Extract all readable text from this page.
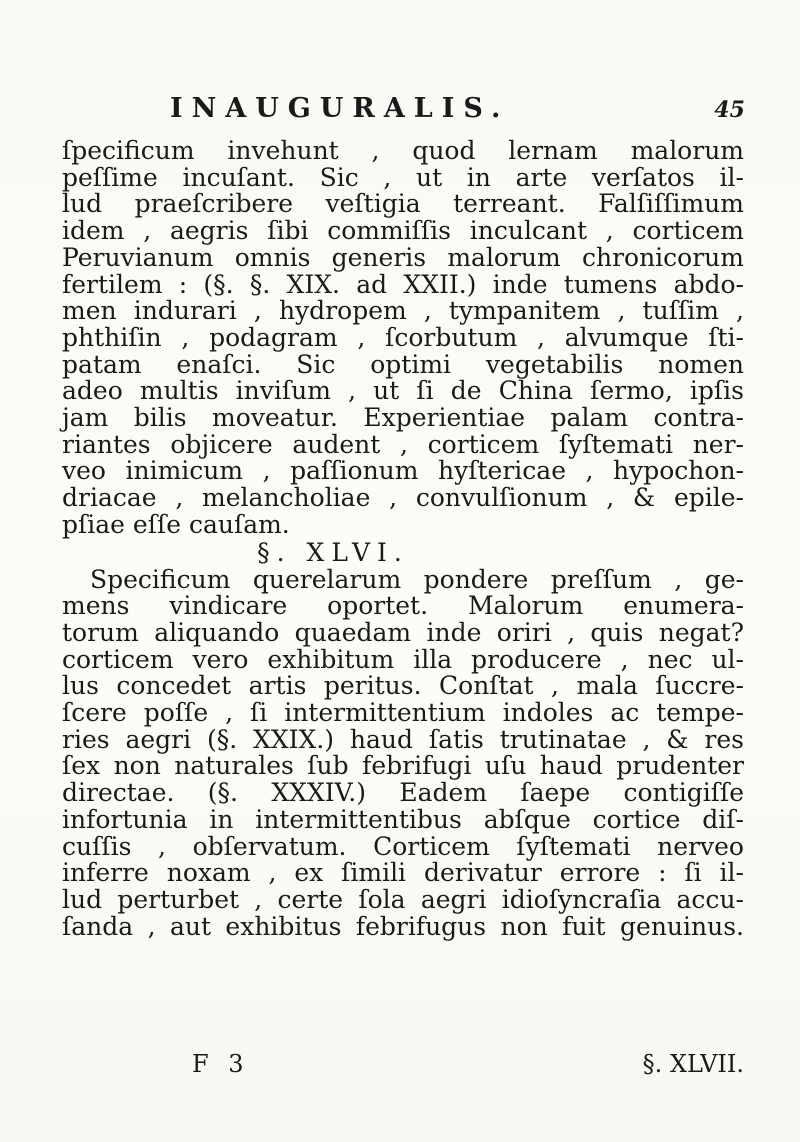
INAUGURALIS.	45
ſpecificum invehunt , quod lernam malorum
peſſime incuſant. Sic , ut in arte verſatos il-
lud praeſcribere veſtigia terreant. Falſiſſimum
idem , aegris ſibi commiſſis inculcant , corticem
Peruvianum omnis generis malorum chronicorum
fertilem : (§. §. XIX. ad XXII.) inde tumens abdo-
men indurari , hydropem , tympanitem , tuſſim ,
phthiſin , podagram , ſcorbutum , alvumque ſti-
patam enaſci. Sic optimi vegetabilis nomen
adeo multis inviſum , ut ſi de China ſermo, ipſis
jam bilis moveatur. Experientiae palam contra-
riantes objicere audent , corticem ſyſtemati ner-
veo inimicum , paſſionum hyſtericae , hypochon-
driacae , melancholiae , convulſionum , & epile-
pſiae eſſe cauſam.
§. XLVI.
Specificum querelarum pondere preſſum , ge-
mens vindicare oportet. Malorum enumera-
torum aliquando quaedam inde oriri , quis negat?
corticem vero exhibitum illa producere , nec ul-
lus concedet artis peritus. Conſtat , mala ſuccre-
ſcere poſſe , ſi intermittentium indoles ac tempe-
ries aegri (§. XXIX.) haud ſatis trutinatae , & res
ſex non naturales ſub febrifugi uſu haud prudenter
directae. (§. XXXIV.) Eadem ſaepe contigiſſe
infortunia in intermittentibus abſque cortice diſ-
cuſſis , obſervatum. Corticem ſyſtemati nerveo
inferre noxam , ex ſimili derivatur errore : ſi il-
lud perturbet , certe ſola aegri idioſyncraſia accu-
ſanda , aut exhibitus febrifugus non fuit genuinus.
F 3	§. XLVII.
